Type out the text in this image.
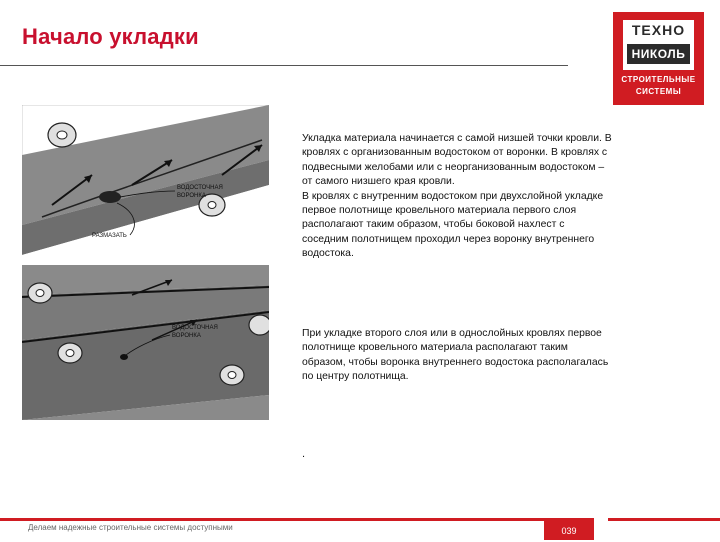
Начало укладки	ТЕХНО
НИКОЛЬ
СТРОИТЕЛЬНЫЕ
СИСТЕМЫ
ВОДОСТОЧНАЯ
ВОРОНКА
РАЗМАЗАТЬ
ВОДОСТОЧНАЯ
ВОРОНКА
Укладка материала начинается с самой низшей точки кровли. В
кровлях с организованным водостоком от воронки. В кровлях с
подвесными желобами или с неорганизованным водостоком –
от самого низшего края кровли.
В кровлях с внутренним водостоком при двухслойной укладке
первое полотнище кровельного материала первого слоя
располагают таким образом, чтобы боковой нахлест с
соседним полотнищем проходил через воронку внутреннего
водостока.
При укладке второго слоя или в однослойных кровлях первое
полотнище кровельного материала располагают таким
образом, чтобы воронка внутреннего водостока располагалась
по центру полотнища.
.
Делаем надежные строительные системы доступными	039
